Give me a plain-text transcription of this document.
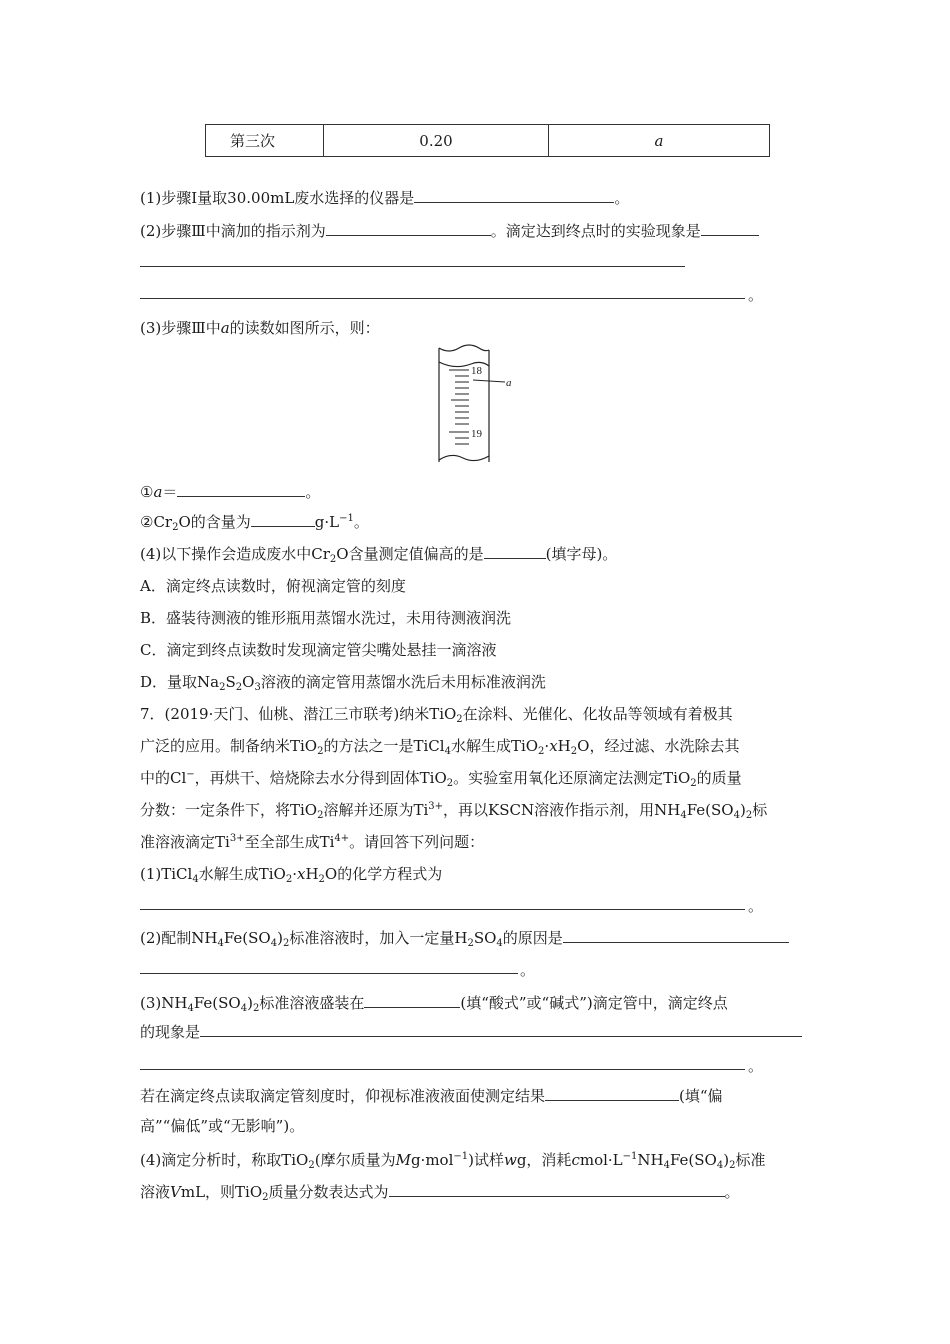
第三次	0.20	a
(1)步骤Ⅰ量取30.00mL废水选择的仪器是	。
(2)步骤Ⅲ中滴加的指示剂为	。滴定达到终点时的实验现象是
。
(3)步骤Ⅲ中a的读数如图所示，则：
18
19
a
①a＝	。
$②Cr_2O$的含量为	$g\cdot L^{-1}$。
(4)以下操作会造成废水中$Cr_2O$含量测定值偏高的是	(填字母)。
A．滴定终点读数时，俯视滴定管的刻度
B．盛装待测液的锥形瓶用蒸馏水洗过，未用待测液润洗
C．滴定到终点读数时发现滴定管尖嘴处悬挂一滴溶液
D．量取$Na_2S_2O_3$溶液的滴定管用蒸馏水洗后未用标准液润洗
7．(2019·天门、仙桃、潜江三市联考)纳米TiO$_2$在涂料、光催化、化妆品等领域有着极其
广泛的应用。制备纳米TiO$_2$的方法之一是TiCl$_4$水解生成$TiO_2\cdot xH_2O$，经过滤、水洗除去其
中的Cl−，再烘干、焙烧除去水分得到固体TiO$_2$。实验室用氧化还原滴定法测定TiO$_2$的质量
分数：一定条件下，将TiO$_2$溶解并还原为$Ti^{3+}$，再以KSCN溶液作指示剂，用$NH_4Fe(SO_4)_2$标
准溶液滴定$Ti^{3+}$至全部生成$Ti^{4+}$。请回答下列问题：
(1)TiCl$_4$水解生成$TiO_2\cdot xH_2O$的化学方程式为
。
(2)配制$NH_4Fe(SO_4)_2$标准溶液时，加入一定量$H_2SO_4$的原因是
。
$(3)NH_4Fe(SO_4)_2$标准溶液盛装在	(填“酸式”或“碱式”)滴定管中，滴定终点
的现象是
。
若在滴定终点读取滴定管刻度时，仰视标准液液面使测定结果	(填“偏
高”“偏低”或“无影响”)。
(4)滴定分析时，称取TiO$_2$(摩尔质量为Mg·mol$^{-1}$)试样wg，消耗$cmol\cdot L^{-1}NH_4Fe(SO_4)_2$标准
溶液VmL，则TiO$_2$质量分数表达式为	。
